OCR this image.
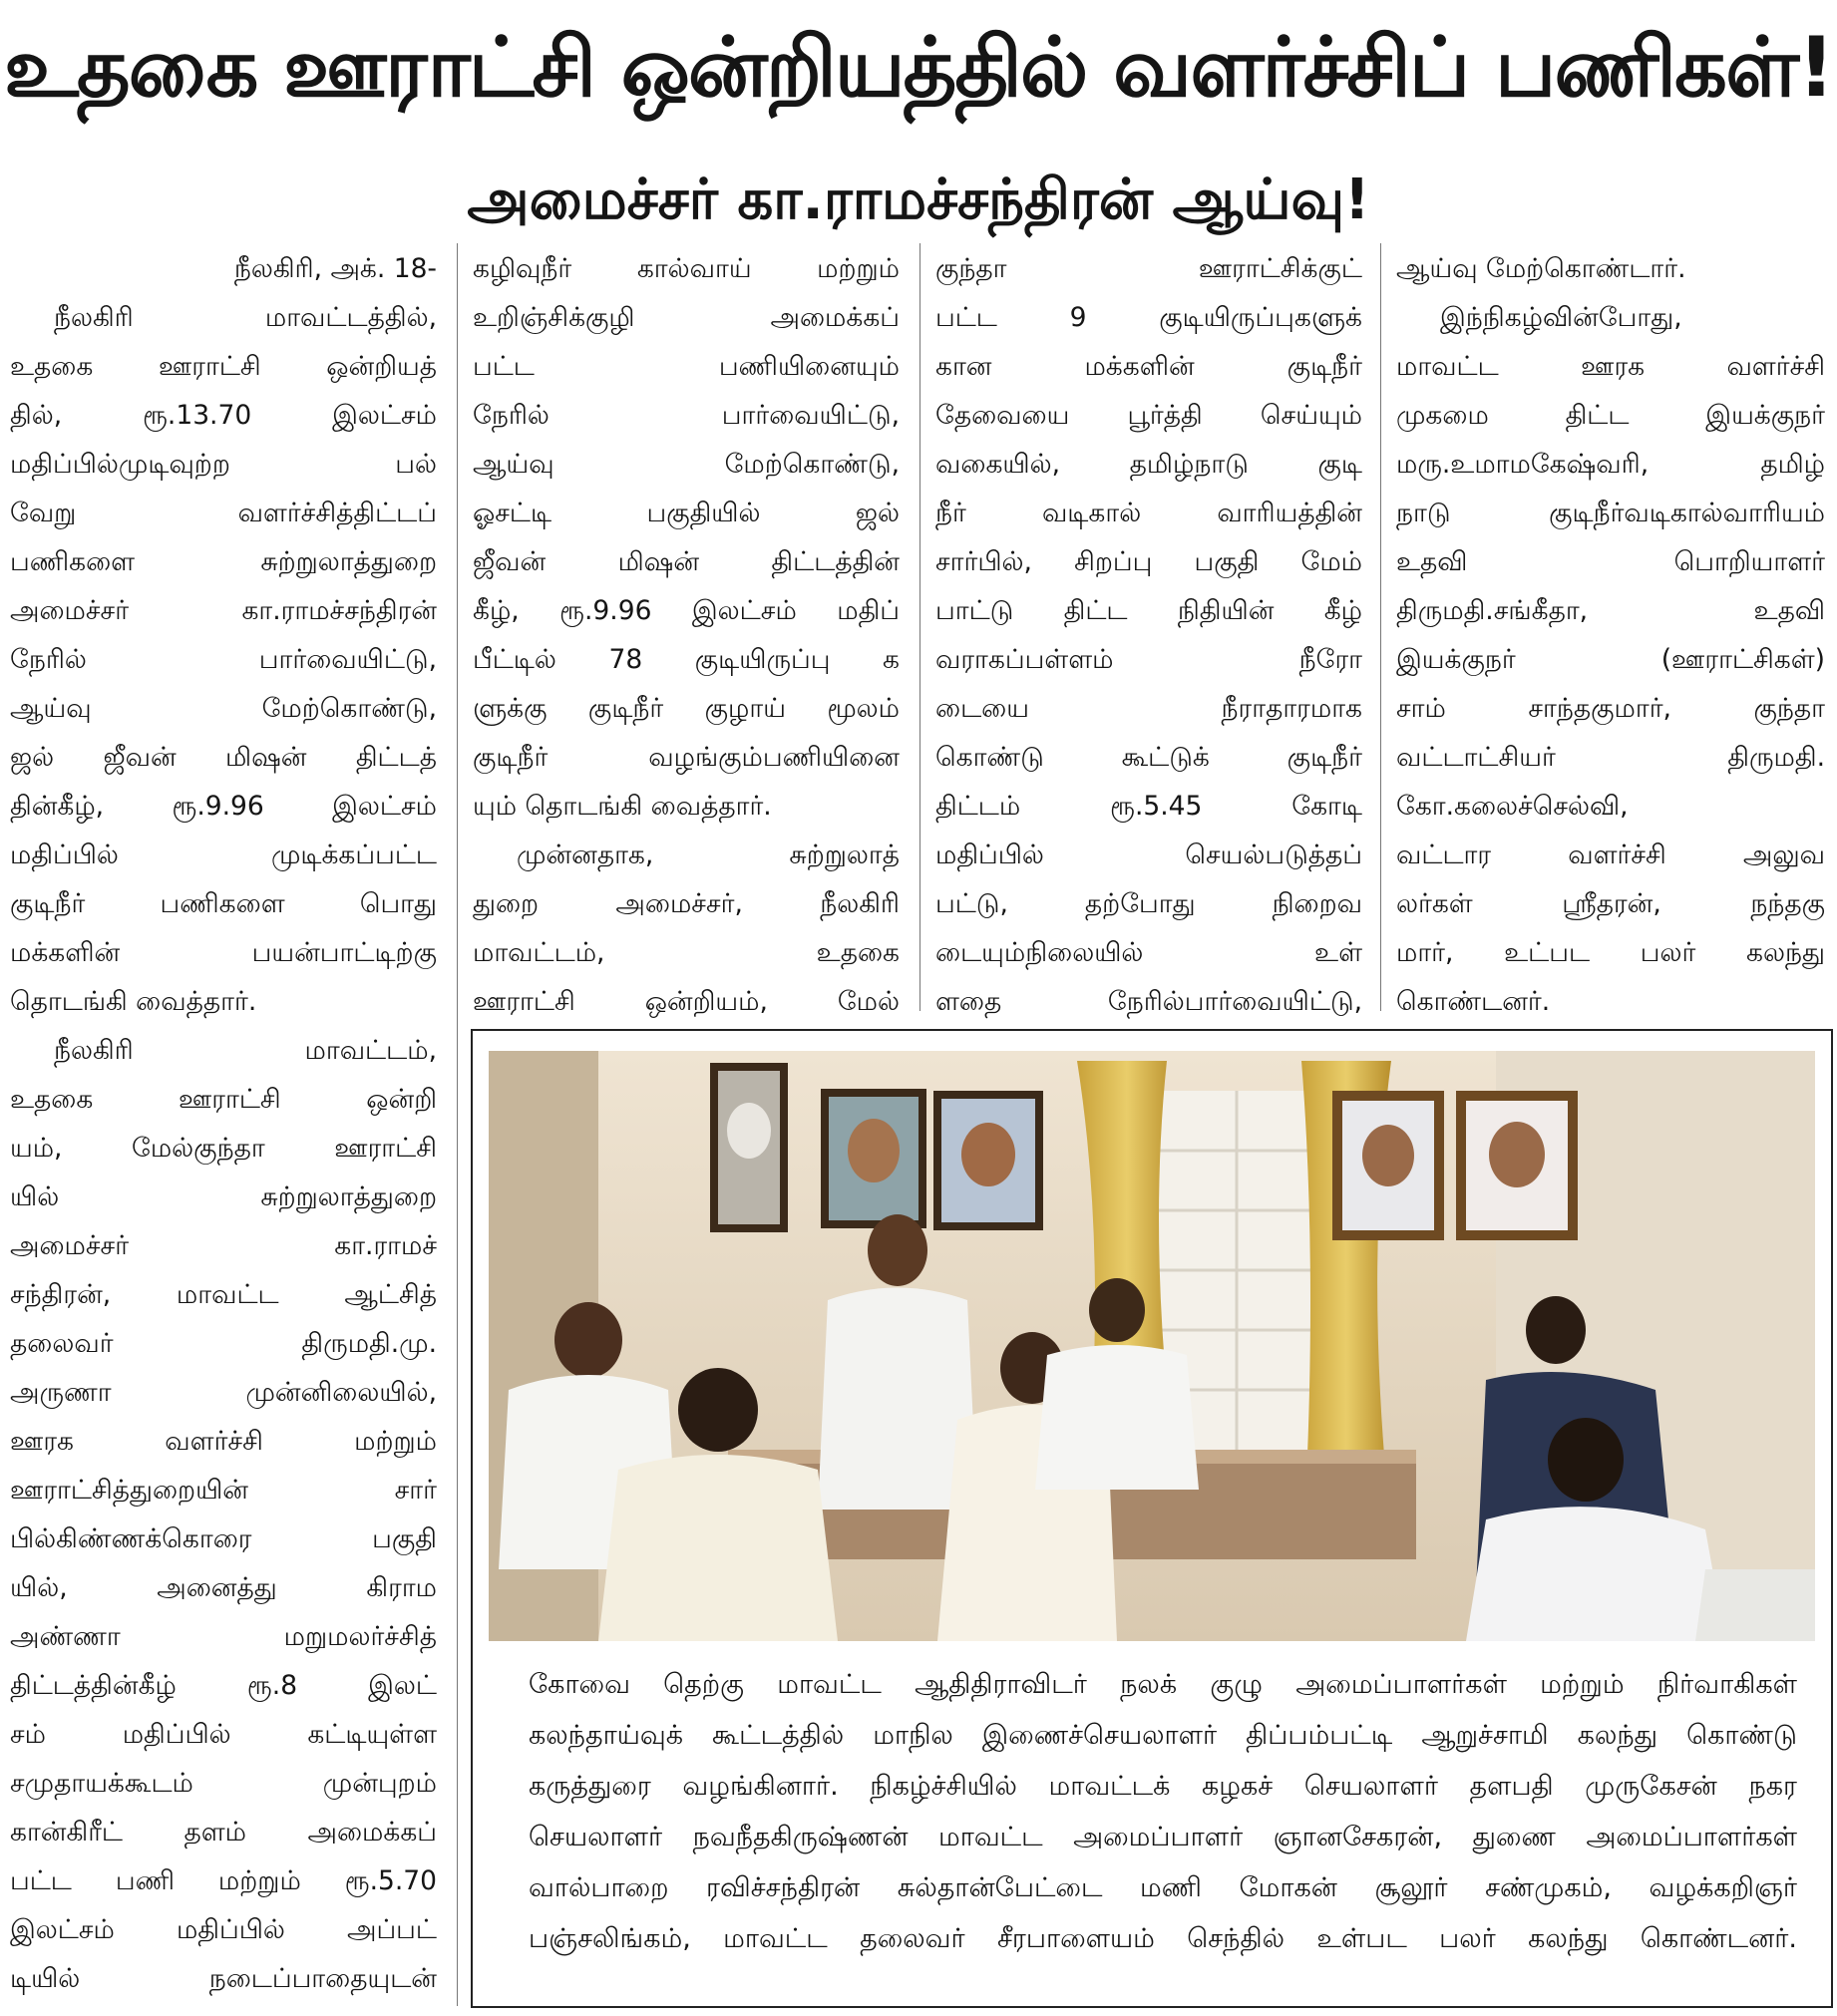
உதகை ஊராட்சி ஒன்றியத்தில் வளர்ச்சிப் பணிகள்!
அமைச்சர் கா.ராமச்சந்திரன் ஆய்வு!
நீலகிரி, அக். 18-
நீலகிரி மாவட்டத்தில்,
உதகை ஊராட்சி ஒன்றியத்
தில், ரூ.13.70 இலட்சம்
மதிப்பில்முடிவுற்ற பல்
வேறு வளர்ச்சித்திட்டப்
பணிகளை சுற்றுலாத்துறை
அமைச்சர் கா.ராமச்சந்திரன்
நேரில் பார்வையிட்டு,
ஆய்வு மேற்கொண்டு,
ஜல் ஜீவன் மிஷன் திட்டத்
தின்கீழ், ரூ.9.96 இலட்சம்
மதிப்பில் முடிக்கப்பட்ட
குடிநீர் பணிகளை பொது
மக்களின் பயன்பாட்டிற்கு
தொடங்கி வைத்தார்.
நீலகிரி மாவட்டம்,
உதகை ஊராட்சி ஒன்றி
யம், மேல்குந்தா ஊராட்சி
யில் சுற்றுலாத்துறை
அமைச்சர் கா.ராமச்
சந்திரன், மாவட்ட ஆட்சித்
தலைவர் திருமதி.மு.
அருணா முன்னிலையில்,
ஊரக வளர்ச்சி மற்றும்
ஊராட்சித்துறையின் சார்
பில்கிண்ணக்கொரை பகுதி
யில், அனைத்து கிராம
அண்ணா மறுமலர்ச்சித்
திட்டத்தின்கீழ் ரூ.8 இலட்
சம் மதிப்பில் கட்டியுள்ள
சமுதாயக்கூடம் முன்புறம்
கான்கிரீட் தளம் அமைக்கப்
பட்ட பணி மற்றும் ரூ.5.70
இலட்சம் மதிப்பில் அப்பட்
டியில் நடைப்பாதையுடன்
கழிவுநீர் கால்வாய் மற்றும்
உறிஞ்சிக்குழி அமைக்கப்
பட்ட பணியினையும்
நேரில் பார்வையிட்டு,
ஆய்வு மேற்கொண்டு,
ஓசட்டி பகுதியில் ஜல்
ஜீவன் மிஷன் திட்டத்தின்
கீழ், ரூ.9.96 இலட்சம் மதிப்
பீட்டில் 78 குடியிருப்பு க
ளுக்கு குடிநீர் குழாய் மூலம்
குடிநீர் வழங்கும்பணியினை
யும் தொடங்கி வைத்தார்.
முன்னதாக, சுற்றுலாத்
துறை அமைச்சர், நீலகிரி
மாவட்டம், உதகை
ஊராட்சி ஒன்றியம், மேல்
குந்தா ஊராட்சிக்குட்
பட்ட 9 குடியிருப்புகளுக்
கான மக்களின் குடிநீர்
தேவையை பூர்த்தி செய்யும்
வகையில், தமிழ்நாடு குடி
நீர் வடிகால் வாரியத்தின்
சார்பில், சிறப்பு பகுதி மேம்
பாட்டு திட்ட நிதியின் கீழ்
வராகப்பள்ளம் நீரோ
டையை நீராதாரமாக
கொண்டு கூட்டுக் குடிநீர்
திட்டம் ரூ.5.45 கோடி
மதிப்பில் செயல்படுத்தப்
பட்டு, தற்போது நிறைவ
டையும்நிலையில் உள்
ளதை நேரில்பார்வையிட்டு,
ஆய்வு மேற்கொண்டார்.
இந்நிகழ்வின்போது,
மாவட்ட ஊரக வளர்ச்சி
முகமை திட்ட இயக்குநர்
மரு.உமாமகேஷ்வரி, தமிழ்
நாடு குடிநீர்வடிகால்வாரியம்
உதவி பொறியாளர்
திருமதி.சங்கீதா, உதவி
இயக்குநர் (ஊராட்சிகள்)
சாம் சாந்தகுமார், குந்தா
வட்டாட்சியர் திருமதி.
கோ.கலைச்செல்வி,
வட்டார வளர்ச்சி அலுவ
லர்கள் ஸ்ரீதரன், நந்தகு
மார், உட்பட பலர் கலந்து
கொண்டனர்.
கோவை தெற்கு மாவட்ட ஆதிதிராவிடர் நலக் குழு அமைப்பாளர்கள் மற்றும் நிர்வாகிகள்
கலந்தாய்வுக் கூட்டத்தில் மாநில இணைச்செயலாளர் திப்பம்பட்டி ஆறுச்சாமி கலந்து கொண்டு
கருத்துரை வழங்கினார். நிகழ்ச்சியில் மாவட்டக் கழகச் செயலாளர் தளபதி முருகேசன் நகர
செயலாளர் நவநீதகிருஷ்ணன் மாவட்ட அமைப்பாளர் ஞானசேகரன், துணை அமைப்பாளர்கள்
வால்பாறை ரவிச்சந்திரன் சுல்தான்பேட்டை மணி மோகன் சூலூர் சண்முகம், வழக்கறிஞர்
பஞ்சலிங்கம், மாவட்ட தலைவர் சீரபாளையம் செந்தில் உள்பட பலர் கலந்து கொண்டனர்.
